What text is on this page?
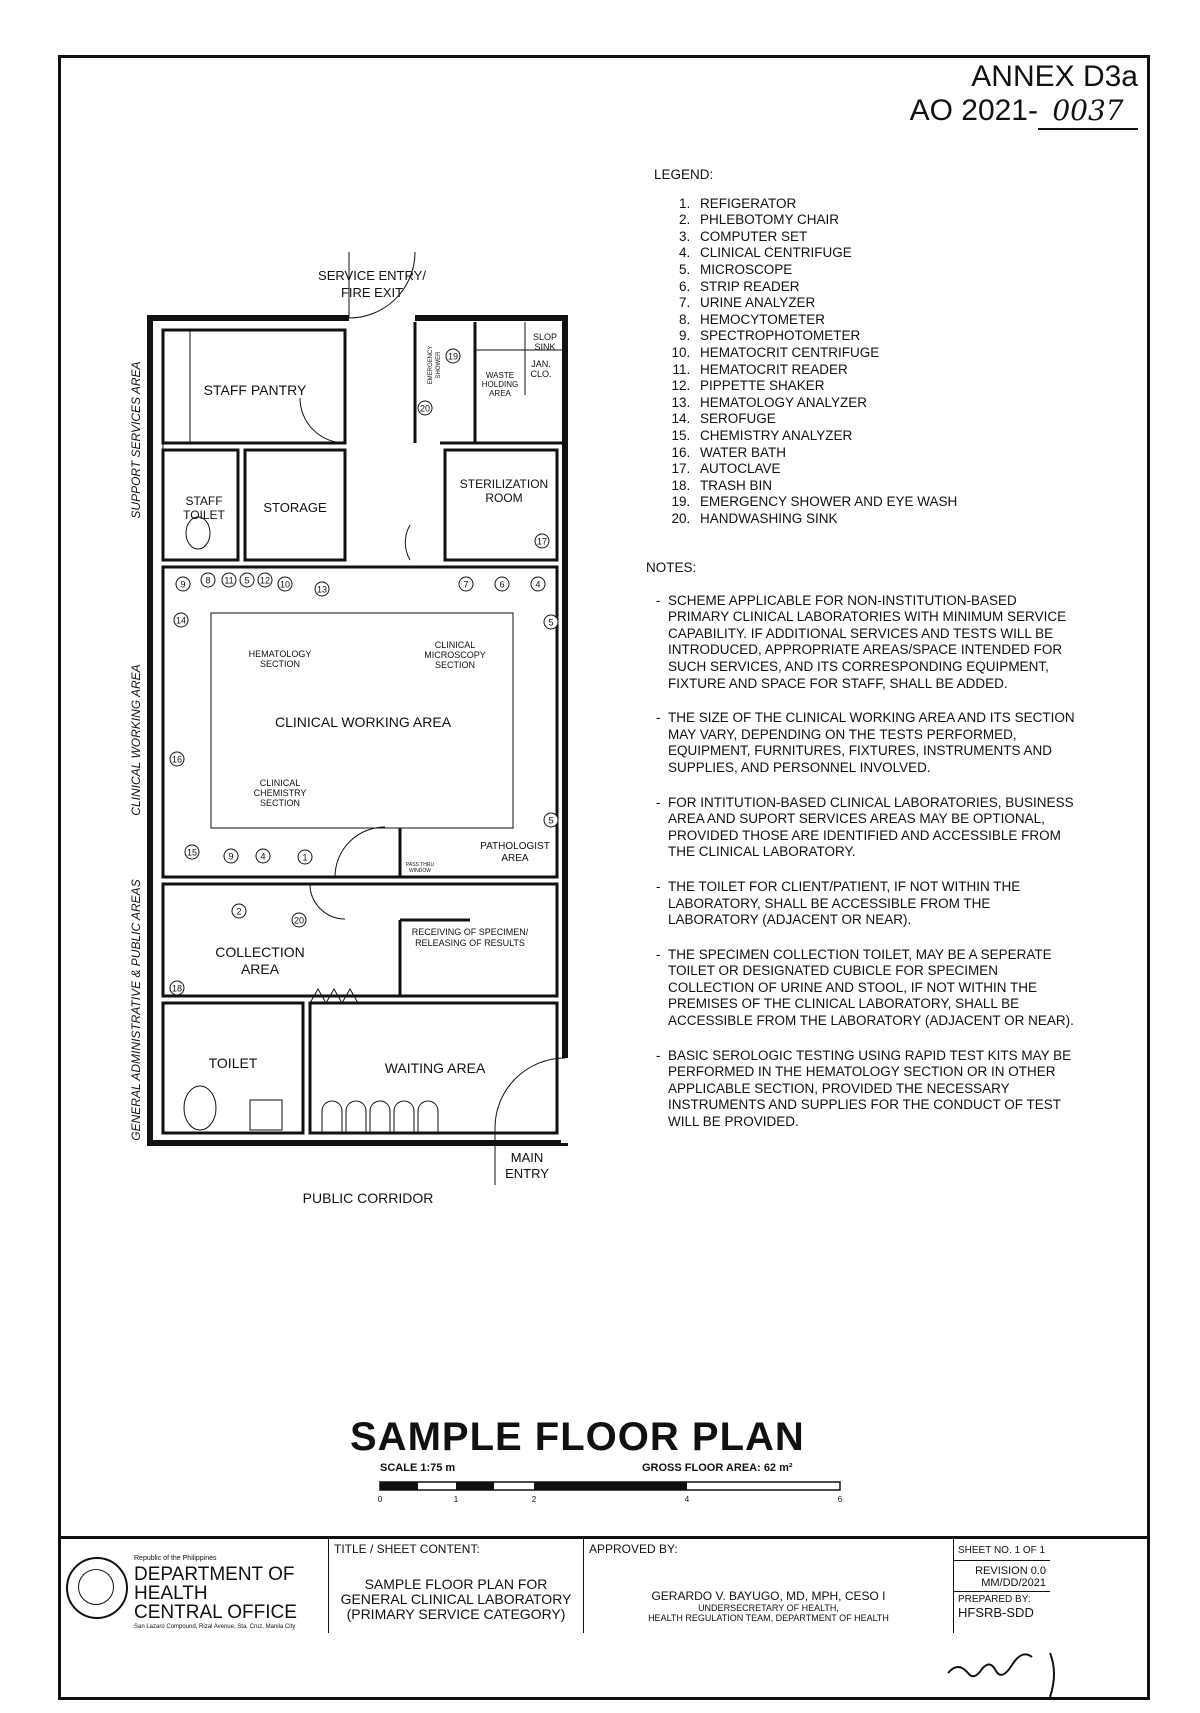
ANNEX D3a
AO 2021- 0037
LEGEND:
1. REFIGERATOR
2. PHLEBOTOMY CHAIR
3. COMPUTER SET
4. CLINICAL CENTRIFUGE
5. MICROSCOPE
6. STRIP READER
7. URINE ANALYZER
8. HEMOCYTOMETER
9. SPECTROPHOTOMETER
10. HEMATOCRIT CENTRIFUGE
11. HEMATOCRIT READER
12. PIPPETTE SHAKER
13. HEMATOLOGY ANALYZER
14. SEROFUGE
15. CHEMISTRY ANALYZER
16. WATER BATH
17. AUTOCLAVE
18. TRASH BIN
19. EMERGENCY SHOWER AND EYE WASH
20. HANDWASHING SINK
NOTES:
- SCHEME APPLICABLE FOR NON-INSTITUTION-BASED PRIMARY CLINICAL LABORATORIES WITH MINIMUM SERVICE CAPABILITY. IF ADDITIONAL SERVICES AND TESTS WILL BE INTRODUCED, APPROPRIATE AREAS/SPACE INTENDED FOR SUCH SERVICES, AND ITS CORRESPONDING EQUIPMENT, FIXTURE AND SPACE FOR STAFF, SHALL BE ADDED.
- THE SIZE OF THE CLINICAL WORKING AREA AND ITS SECTION MAY VARY, DEPENDING ON THE TESTS PERFORMED, EQUIPMENT, FURNITURES, FIXTURES, INSTRUMENTS AND SUPPLIES, AND PERSONNEL INVOLVED.
- FOR INTITUTION-BASED CLINICAL LABORATORIES, BUSINESS AREA AND SUPORT SERVICES AREAS MAY BE OPTIONAL, PROVIDED THOSE ARE IDENTIFIED AND ACCESSIBLE FROM THE CLINICAL LABORATORY.
- THE TOILET FOR CLIENT/PATIENT, IF NOT WITHIN THE LABORATORY, SHALL BE ACCESSIBLE FROM THE LABORATORY (ADJACENT OR NEAR).
- THE SPECIMEN COLLECTION TOILET, MAY BE A SEPERATE TOILET OR DESIGNATED CUBICLE FOR SPECIMEN COLLECTION OF URINE AND STOOL, IF NOT WITHIN THE PREMISES OF THE CLINICAL LABORATORY, SHALL BE ACCESSIBLE FROM THE LABORATORY (ADJACENT OR NEAR).
- BASIC SEROLOGIC TESTING USING RAPID TEST KITS MAY BE PERFORMED IN THE HEMATOLOGY SECTION OR IN OTHER APPLICABLE SECTION, PROVIDED THE NECESSARY INSTRUMENTS AND SUPPLIES FOR THE CONDUCT OF TEST WILL BE PROVIDED.
9 8 11 5 12 10	13	7	6	4
14	5
16
5
15	9	4	1
2
20
18
19
20
17
SERVICE ENTRY/
FIRE EXIT
STAFF PANTRY
STAFF
TOILET	STORAGE
SLOP
SINK
JAN.
CLO.
WASTE
HOLDING
AREA
EMERGENCY SHOWER
STERILIZATION
ROOM
HEMATOLOGY
SECTION
CLINICAL
MICROSCOPY
SECTION
CLINICAL WORKING AREA
CLINICAL
CHEMISTRY
SECTION
PATHOLOGIST
AREA
PASS THRU
WINDOW
COLLECTION
AREA
RECEIVING OF SPECIMEN/
RELEASING OF RESULTS
TOILET	WAITING AREA
MAIN
ENTRY
PUBLIC CORRIDOR
SUPPORT SERVICES AREA
CLINICAL WORKING AREA
GENERAL ADMINISTRATIVE & PUBLIC AREAS
0	1	2	4	6
SAMPLE FLOOR PLAN
SCALE 1:75 m	GROSS FLOOR AREA: 62 m²
Republic of the Philippines
DEPARTMENT OF
HEALTH
CENTRAL OFFICE
San Lazaro Compound, Rizal Avenue, Sta. Cruz, Manila City
TITLE / SHEET CONTENT:
SAMPLE FLOOR PLAN FOR
GENERAL CLINICAL LABORATORY
(PRIMARY SERVICE CATEGORY)
APPROVED BY:
GERARDO V. BAYUGO, MD, MPH, CESO I
UNDERSECRETARY OF HEALTH,
HEALTH REGULATION TEAM, DEPARTMENT OF HEALTH
SHEET NO. 1 OF 1
REVISION 0.0
MM/DD/2021
PREPARED BY:
HFSRB-SDD
